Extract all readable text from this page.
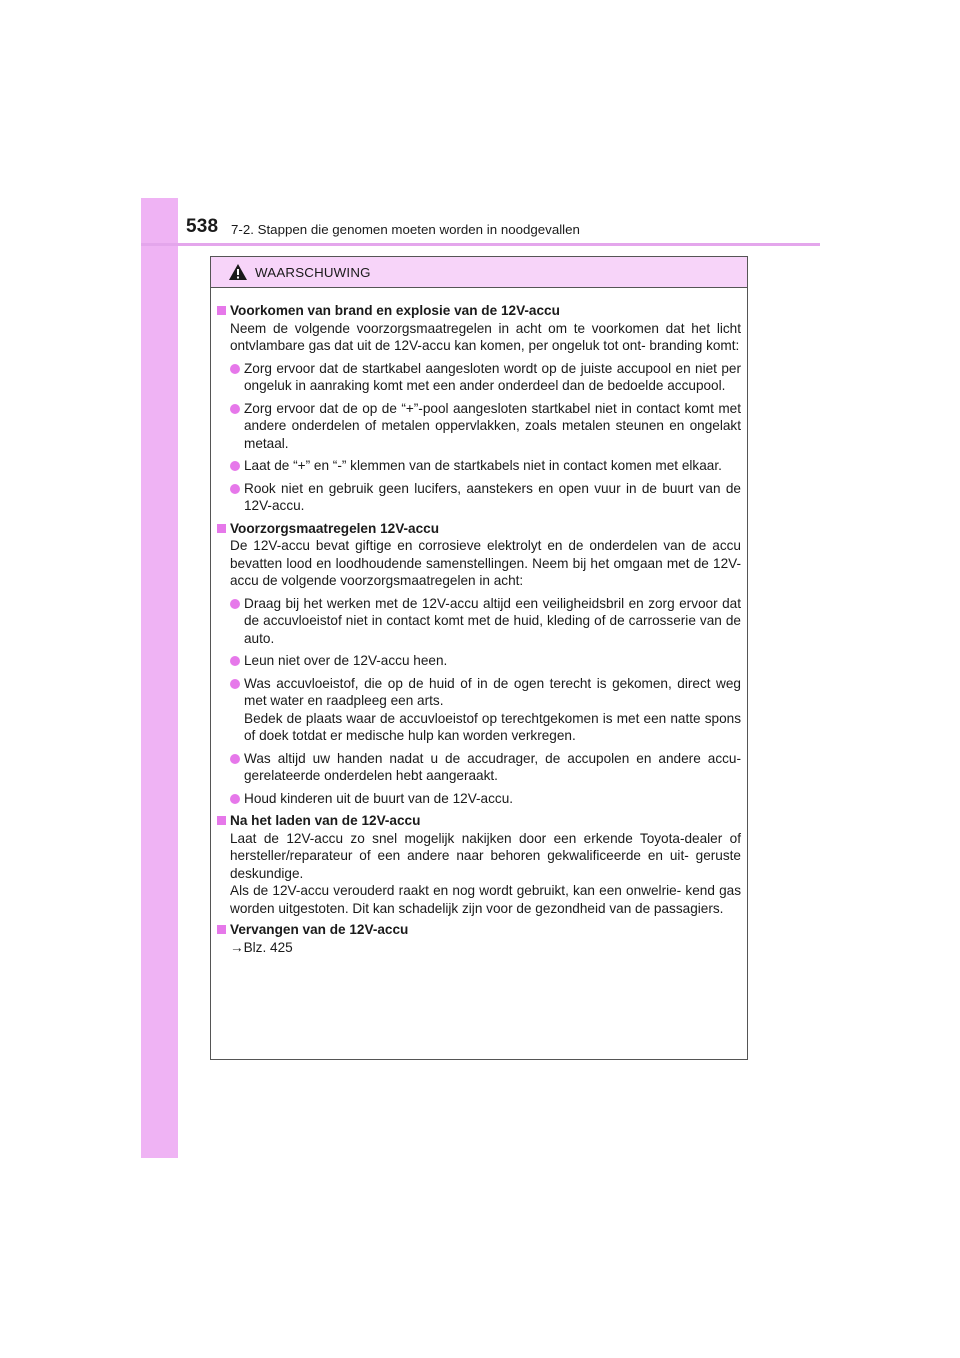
538 7-2. Stappen die genomen moeten worden in noodgevallen
WAARSCHUWING
Voorkomen van brand en explosie van de 12V-accu
Neem de volgende voorzorgsmaatregelen in acht om te voorkomen dat het licht ontvlambare gas dat uit de 12V-accu kan komen, per ongeluk tot ont- branding komt:
Zorg ervoor dat de startkabel aangesloten wordt op de juiste accupool en niet per ongeluk in aanraking komt met een ander onderdeel dan de bedoelde accupool.
Zorg ervoor dat de op de “+”-pool aangesloten startkabel niet in contact komt met andere onderdelen of metalen oppervlakken, zoals metalen steunen en ongelakt metaal.
Laat de “+” en “-” klemmen van de startkabels niet in contact komen met elkaar.
Rook niet en gebruik geen lucifers, aanstekers en open vuur in de buurt van de 12V-accu.
Voorzorgsmaatregelen 12V-accu
De 12V-accu bevat giftige en corrosieve elektrolyt en de onderdelen van de accu bevatten lood en loodhoudende samenstellingen. Neem bij het omgaan met de 12V-accu de volgende voorzorgsmaatregelen in acht:
Draag bij het werken met de 12V-accu altijd een veiligheidsbril en zorg ervoor dat de accuvloeistof niet in contact komt met de huid, kleding of de carrosserie van de auto.
Leun niet over de 12V-accu heen.
Was accuvloeistof, die op de huid of in de ogen terecht is gekomen, direct weg met water en raadpleeg een arts.
Bedek de plaats waar de accuvloeistof op terechtgekomen is met een natte spons of doek totdat er medische hulp kan worden verkregen.
Was altijd uw handen nadat u de accudrager, de accupolen en andere accu-gerelateerde onderdelen hebt aangeraakt.
Houd kinderen uit de buurt van de 12V-accu.
Na het laden van de 12V-accu
Laat de 12V-accu zo snel mogelijk nakijken door een erkende Toyota-dealer of hersteller/reparateur of een andere naar behoren gekwalificeerde en uit- geruste deskundige.
Als de 12V-accu verouderd raakt en nog wordt gebruikt, kan een onwelrie- kend gas worden uitgestoten. Dit kan schadelijk zijn voor de gezondheid van de passagiers.
Vervangen van de 12V-accu
→Blz. 425
